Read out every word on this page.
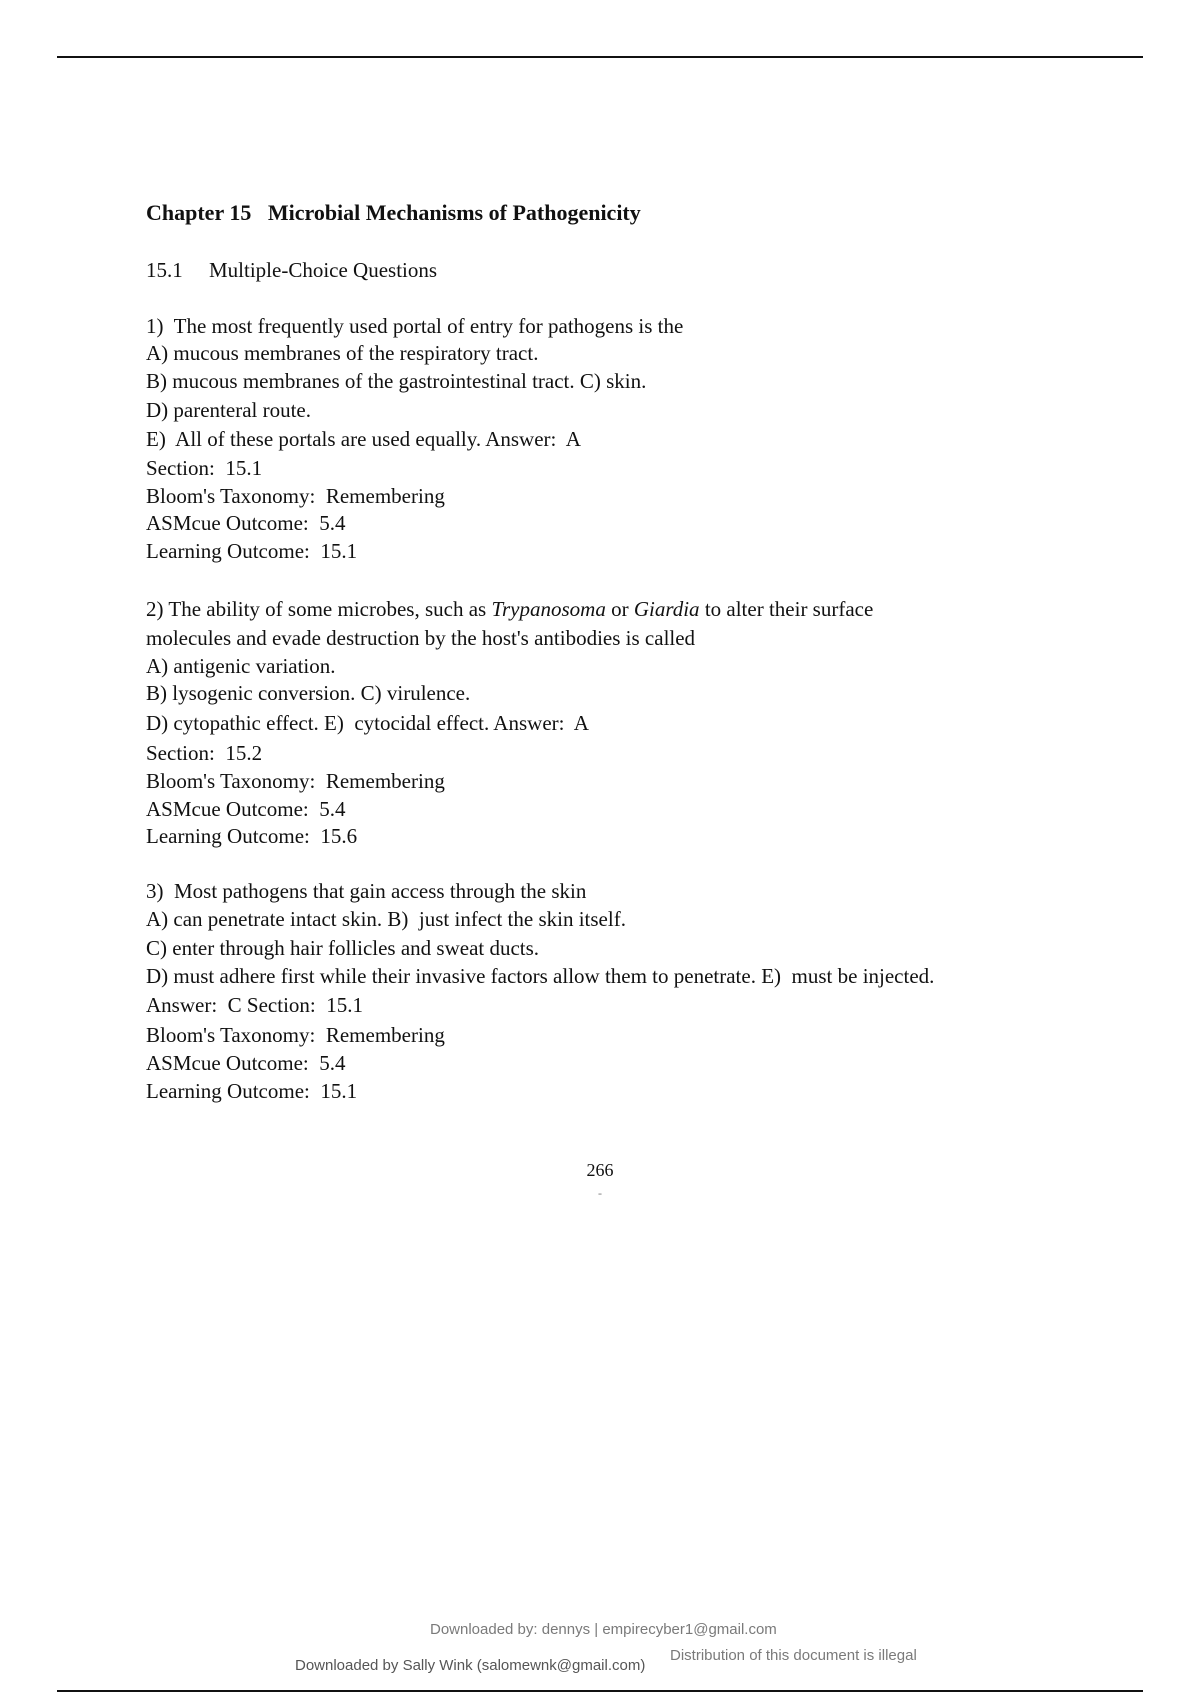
Chapter 15   Microbial Mechanisms of Pathogenicity
15.1     Multiple-Choice Questions
1)  The most frequently used portal of entry for pathogens is the
A) mucous membranes of the respiratory tract.
B) mucous membranes of the gastrointestinal tract. C) skin.
D) parenteral route.
E)  All of these portals are used equally. Answer:  A
Section:  15.1
Bloom's Taxonomy:  Remembering
ASMcue Outcome:  5.4
Learning Outcome:  15.1
2) The ability of some microbes, such as Trypanosoma or Giardia to alter their surface
molecules and evade destruction by the host's antibodies is called
A) antigenic variation.
B) lysogenic conversion. C) virulence.
D) cytopathic effect. E)  cytocidal effect. Answer:  A
Section:  15.2
Bloom's Taxonomy:  Remembering
ASMcue Outcome:  5.4
Learning Outcome:  15.6
3)  Most pathogens that gain access through the skin
A) can penetrate intact skin. B)  just infect the skin itself.
C) enter through hair follicles and sweat ducts.
D) must adhere first while their invasive factors allow them to penetrate. E)  must be injected.
Answer:  C Section:  15.1
Bloom's Taxonomy:  Remembering
ASMcue Outcome:  5.4
Learning Outcome:  15.1
266
-
Downloaded by: dennys | empirecyber1@gmail.com
Downloaded by Sally Wink (salomewnk@gmail.com)
Distribution of this document is illegal
